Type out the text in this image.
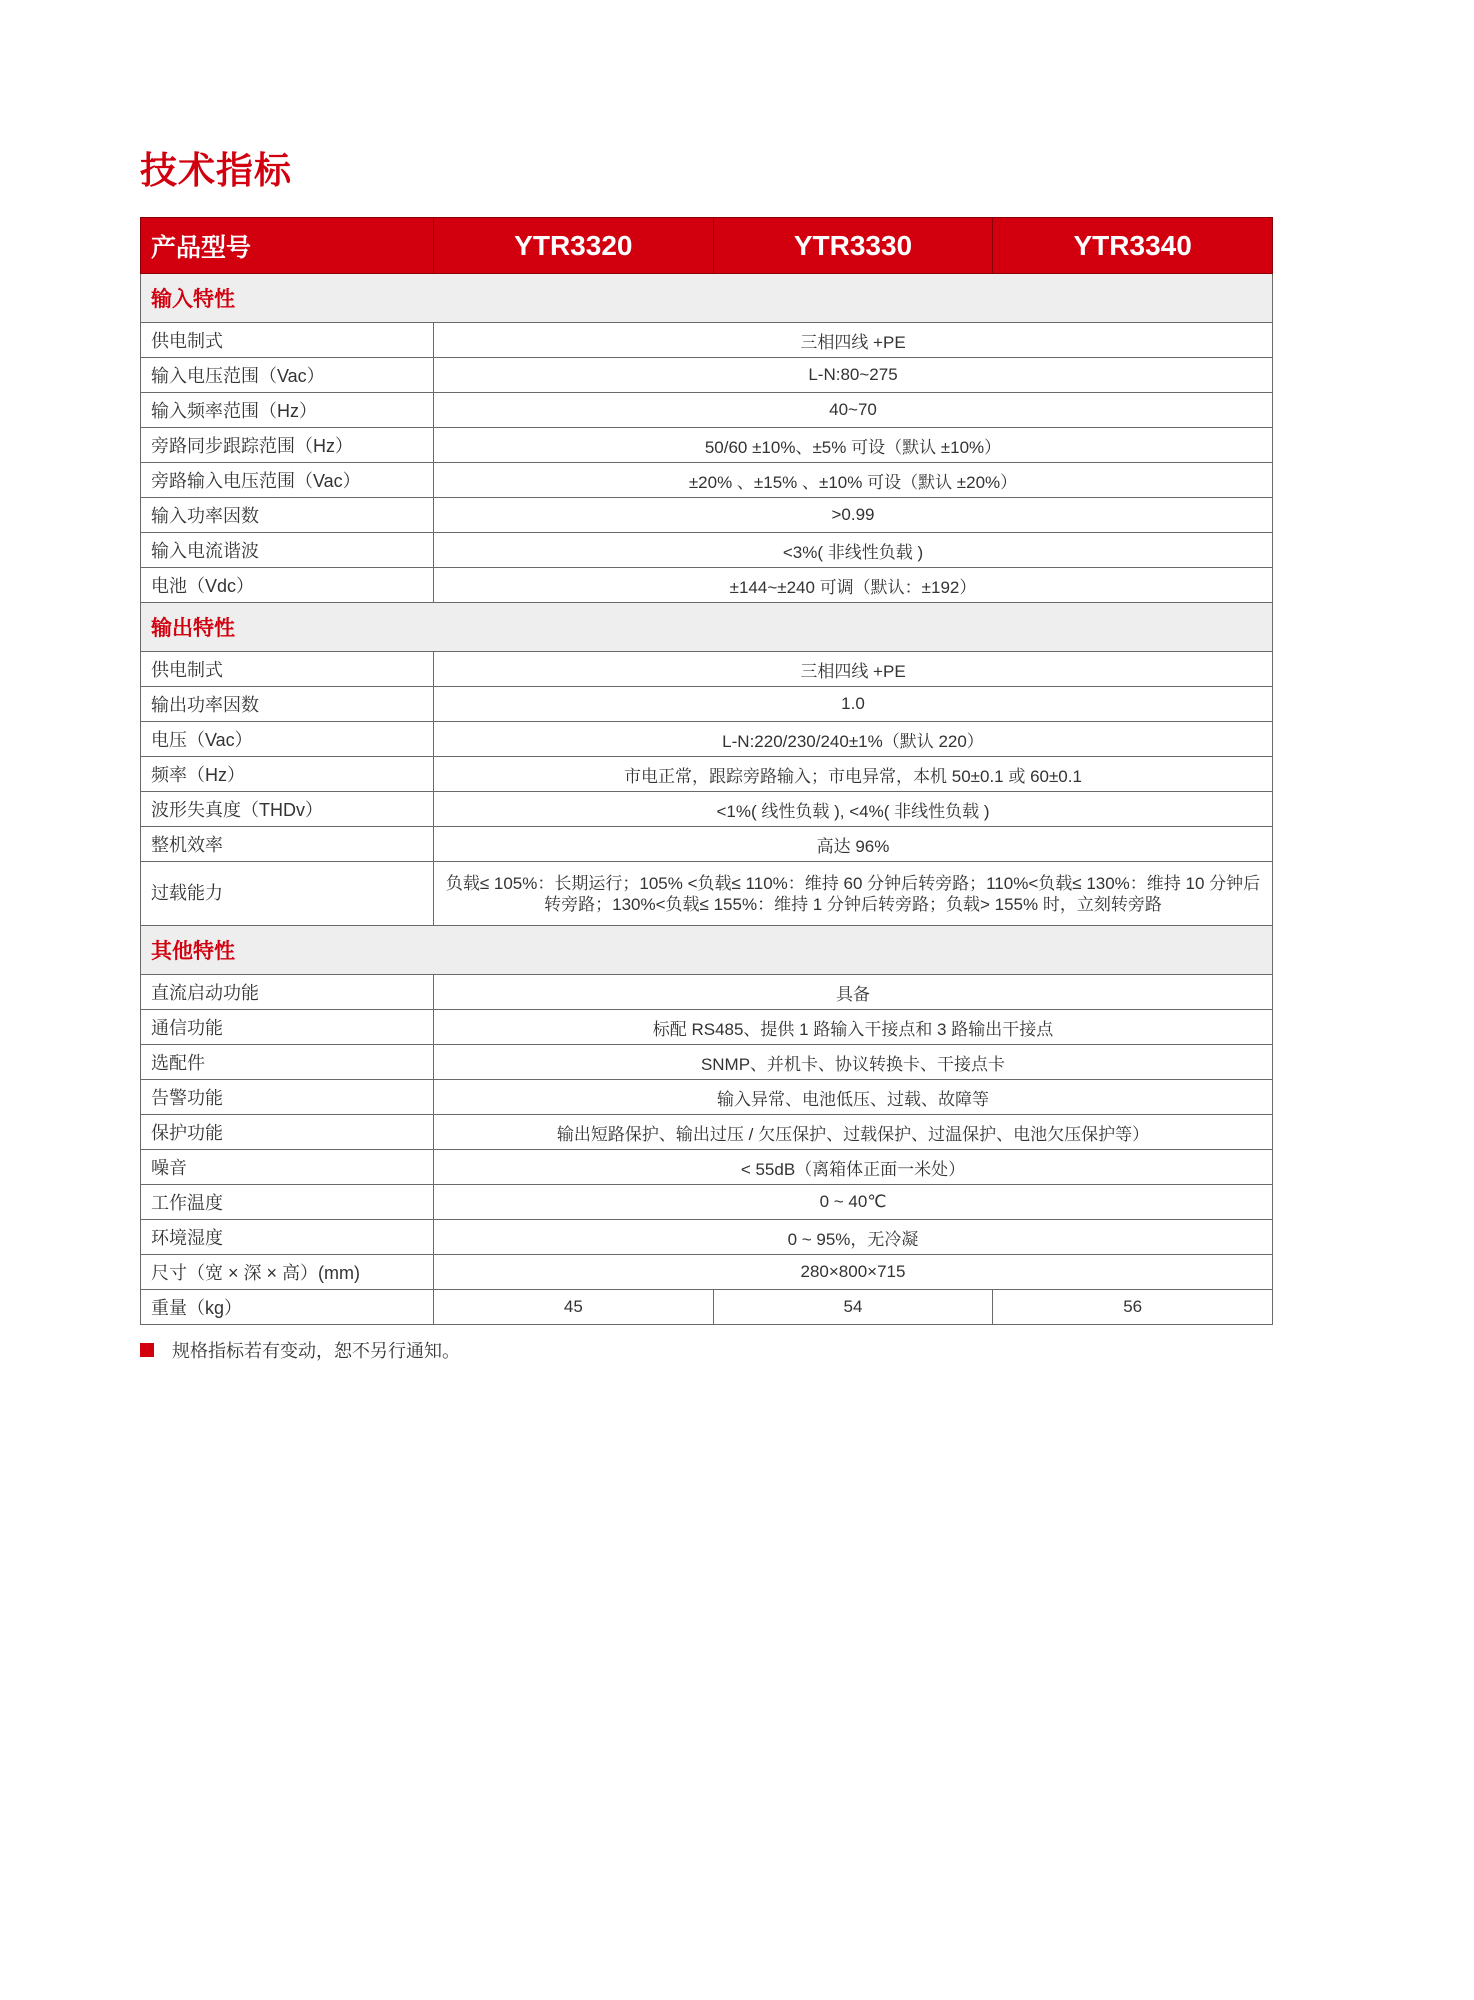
技术指标
产品型号	YTR3320	YTR3330	YTR3340
输入特性			
供电制式	三相四线 +PE		
输入电压范围（Vac）	L-N:80~275		
输入频率范围（Hz）	40~70		
旁路同步跟踪范围（Hz）	50/60 ±10%、±5% 可设（默认 ±10%）		
旁路输入电压范围（Vac）	±20% 、±15% 、±10% 可设（默认 ±20%）		
输入功率因数	>0.99		
输入电流谐波	<3%( 非线性负载 )		
电池（Vdc）	±144~±240 可调（默认：±192）		
输出特性			
供电制式	三相四线 +PE		
输出功率因数	1.0		
电压（Vac）	L-N:220/230/240±1%（默认 220）		
频率（Hz）	市电正常，跟踪旁路输入；市电异常，本机 50±0.1 或 60±0.1		
波形失真度（THDv）	<1%( 线性负载 ), <4%( 非线性负载 )		
整机效率	高达 96%		
过载能力	负载≤ 105%：长期运行；105% <负载≤ 110%：维持 60 分钟后转旁路；110%<负载≤ 130%：维持 10 分钟后转旁路；130%<负载≤ 155%：维持 1 分钟后转旁路；负载> 155% 时，立刻转旁路		
其他特性			
直流启动功能	具备		
通信功能	标配 RS485、提供 1 路输入干接点和 3 路输出干接点		
选配件	SNMP、并机卡、协议转换卡、干接点卡		
告警功能	输入异常、电池低压、过载、故障等		
保护功能	输出短路保护、输出过压 / 欠压保护、过载保护、过温保护、电池欠压保护等）		
噪音	< 55dB（离箱体正面一米处）		
工作温度	0 ~ 40℃		
环境湿度	0 ~ 95%，无冷凝		
尺寸（宽 × 深 × 高）(mm)	280×800×715		
重量（kg）	45	54	56
规格指标若有变动，恕不另行通知。
